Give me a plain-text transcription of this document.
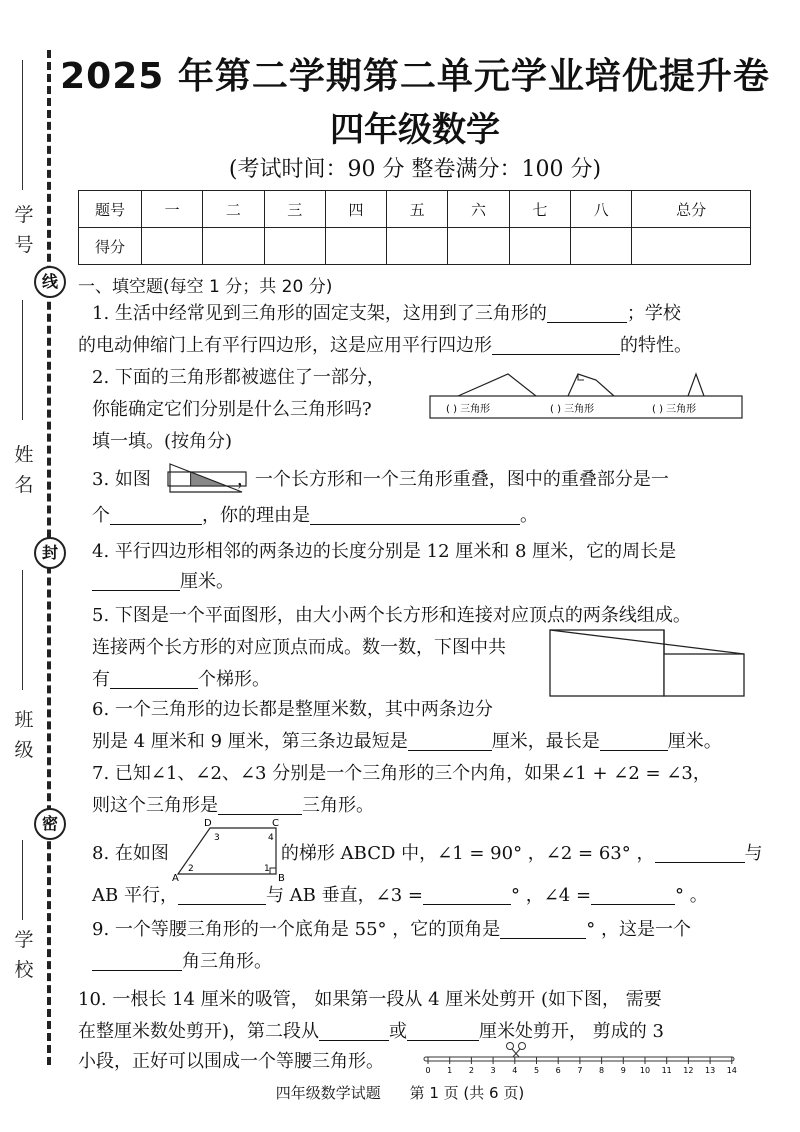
学 号
线
姓 名
封
班 级
密
学 校
2025 年第二学期第二单元学业培优提升卷
四年级数学
(考试时间：90 分 整卷满分：100 分)
题号	一	二	三	四	五	六	七	八	总分
得分									
一、填空题(每空 1 分；共 20 分)
1. 生活中经常见到三角形的固定支架，这用到了三角形的	；学校
的电动伸缩门上有平行四边形，这是应用平行四边形	的特性。
2. 下面的三角形都被遮住了一部分，
你能确定它们分别是什么三角形吗?
填一填。(按角分)
( ) 三角形	( ) 三角形	( ) 三角形
3. 如图	，一个长方形和一个三角形重叠，图中的重叠部分是一
个	，你的理由是	。
4. 平行四边形相邻的两条边的长度分别是 12 厘米和 8 厘米，它的周长是
厘米。
5. 下图是一个平面图形，由大小两个长方形和连接对应顶点的两条线组成。
连接两个长方形的对应顶点而成。数一数，下图中共
有	个梯形。
6. 一个三角形的边长都是整厘米数，其中两条边分
别是 4 厘米和 9 厘米，第三条边最短是	厘米，最长是	厘米。
7. 已知∠1、∠2、∠3 分别是一个三角形的三个内角，如果∠1 + ∠2 = ∠3，
则这个三角形是	三角形。
8. 在如图	的梯形 ABCD 中，∠1 = 90° ，∠2 = 63° ，	与
D	C
A	B
1
2
3	4
AB 平行，	与 AB 垂直，∠3 =	° ，∠4 =	° 。
9. 一个等腰三角形的一个底角是 55° ，它的顶角是	° ，这是一个
角三角形。
10. 一根长 14 厘米的吸管， 如果第一段从 4 厘米处剪开 (如下图， 需要
在整厘米数处剪开)，第二段从	或	厘米处剪开， 剪成的 3
小段，正好可以围成一个等腰三角形。	0 1 2 3 4 5 6 7 8 9 10 11 12 13 14
四年级数学试题 第 1 页 (共 6 页)
